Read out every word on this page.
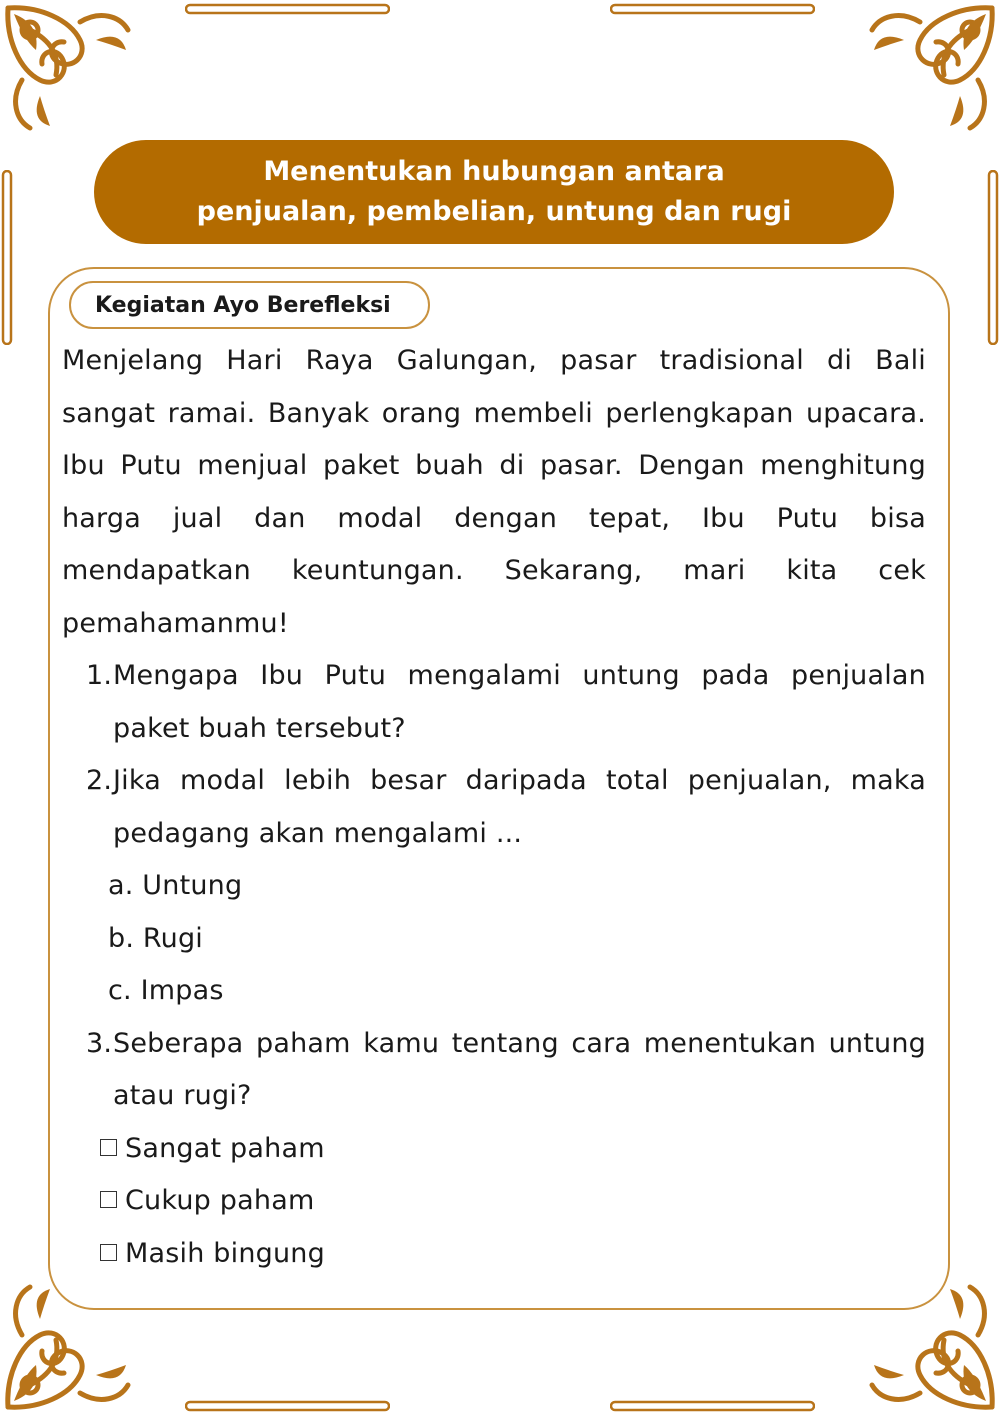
Menentukan hubungan antara
penjualan, pembelian, untung dan rugi
Kegiatan Ayo Berefleksi

Menjelang Hari Raya Galungan, pasar tradisional di Bali sangat ramai. Banyak orang membeli perlengkapan upacara. Ibu Putu menjual paket buah di pasar. Dengan menghitung harga jual dan modal dengan tepat, Ibu Putu bisa mendapatkan keuntungan. Sekarang, mari kita cek pemahamanmu!

1. Mengapa Ibu Putu mengalami untung pada penjualan paket buah tersebut?
2. Jika modal lebih besar daripada total penjualan, maka pedagang akan mengalami ...

a. Untung

b. Rugi

c. Impas

3. Seberapa paham kamu tentang cara menentukan untung atau rugi?

Sangat paham

Cukup paham

Masih bingung
